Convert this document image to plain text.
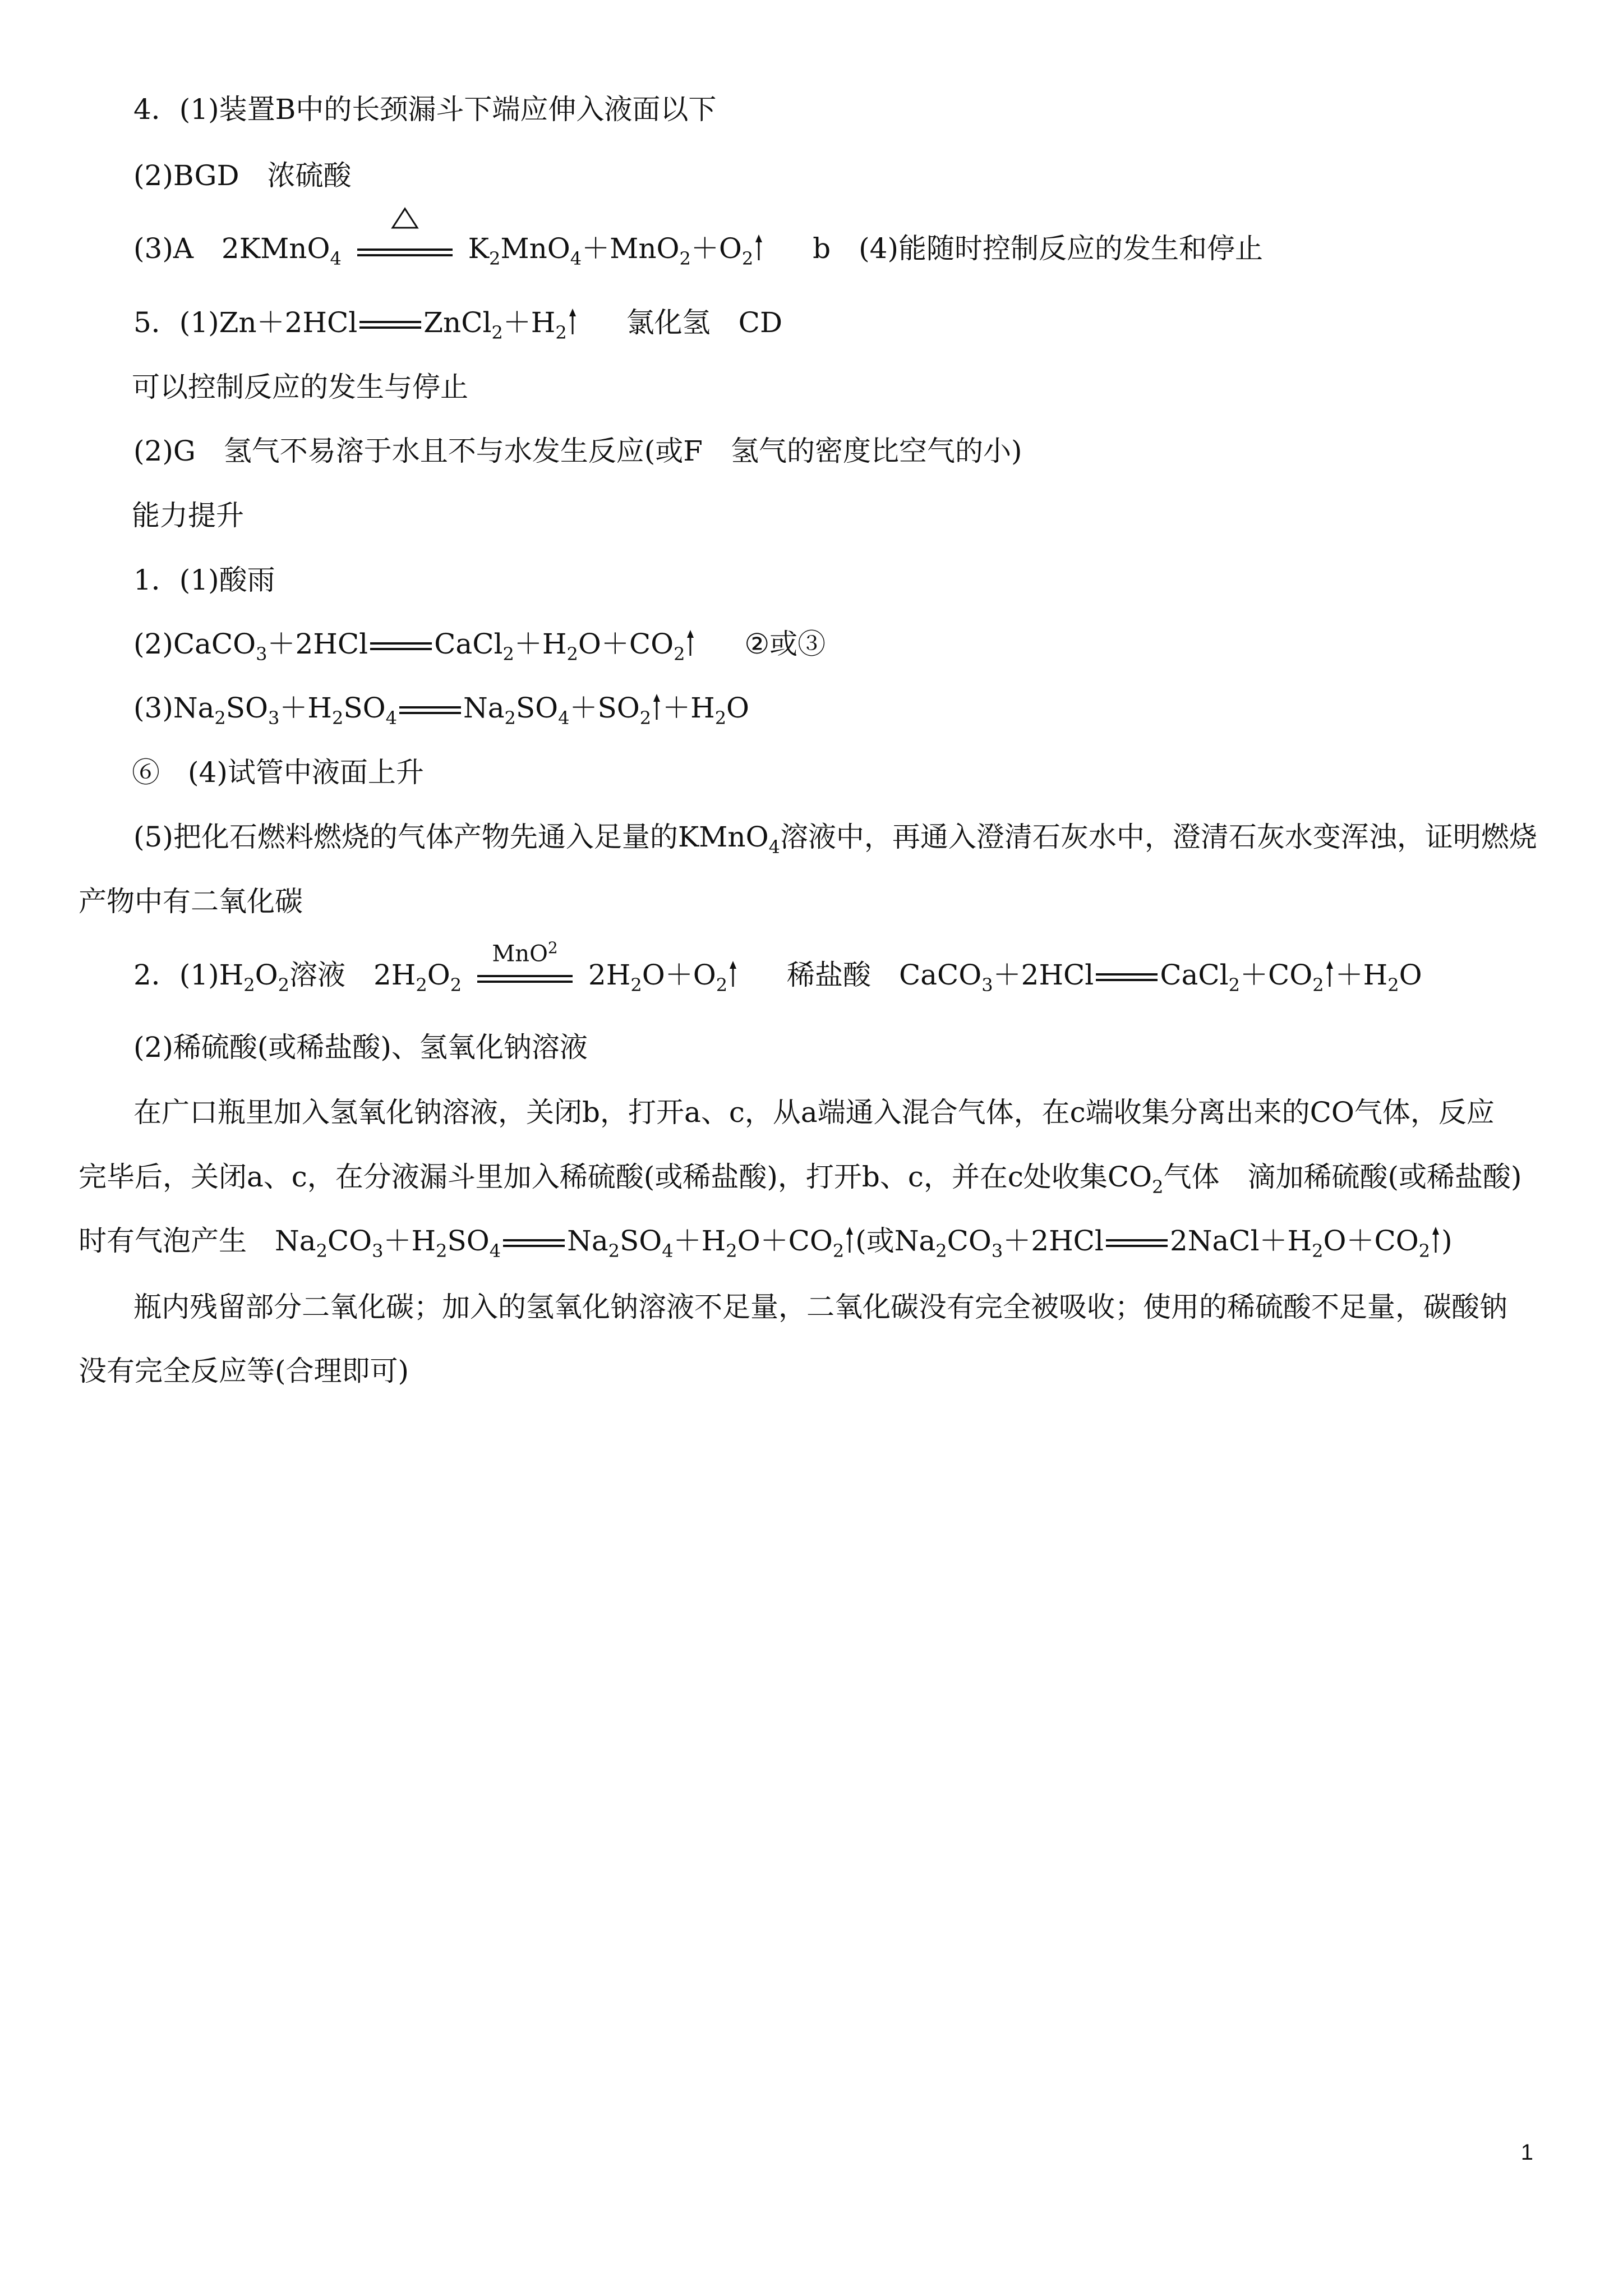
4．(1)装置B中的长颈漏斗下端应伸入液面以下
(2)BGD　浓硫酸
(3)A　2KMnO$_4$	$K_2MnO_4+MnO_2+O_2$ b　(4)能随时控制反应的发生和停止
5．(1)Zn＋2HCl $ZnCl_2+H_2$ 氯化氢　CD
可以控制反应的发生与停止
(2)G　氢气不易溶于水且不与水发生反应(或F　氢气的密度比空气的小)
能力提升
1．(1)酸雨
(2)CaCO$_3$＋2HCl $CaCl_2+H_2O+CO_2$ ②或③
$(3)Na_2SO_3+H_2SO_4$ $Na_2SO_4+SO_2 +H_2O$
⑥　(4)试管中液面上升
(5)把化石燃料燃烧的气体产物先通入足量的KMnO$_4$溶液中，再通入澄清石灰水中，澄清石灰水变浑浊，证明燃烧
产物中有二氧化碳
2．$(1)H_2O_2$溶液　$2H_2O_2$
MnO$^2$
$2H_2O+O_2$ 稀盐酸　CaCO$_3$＋2HCl $CaCl_2+CO_2 +H_2O$
(2)稀硫酸(或稀盐酸)、氢氧化钠溶液
在广口瓶里加入氢氧化钠溶液，关闭b，打开a、c，从a端通入混合气体，在c端收集分离出来的CO气体，反应
完毕后，关闭a、c，在分液漏斗里加入稀硫酸(或稀盐酸)，打开b、c，并在c处收集$CO_2$气体　滴加稀硫酸(或稀盐酸)
时有气泡产生　$Na_2CO_3+H_2SO_4$ $Na_2SO_4+H_2O+CO_2$ (或$Na_2CO_3+2HCl$ $2NaCl+H_2O+CO_2$ )
瓶内残留部分二氧化碳；加入的氢氧化钠溶液不足量，二氧化碳没有完全被吸收；使用的稀硫酸不足量，碳酸钠
没有完全反应等(合理即可)
1
